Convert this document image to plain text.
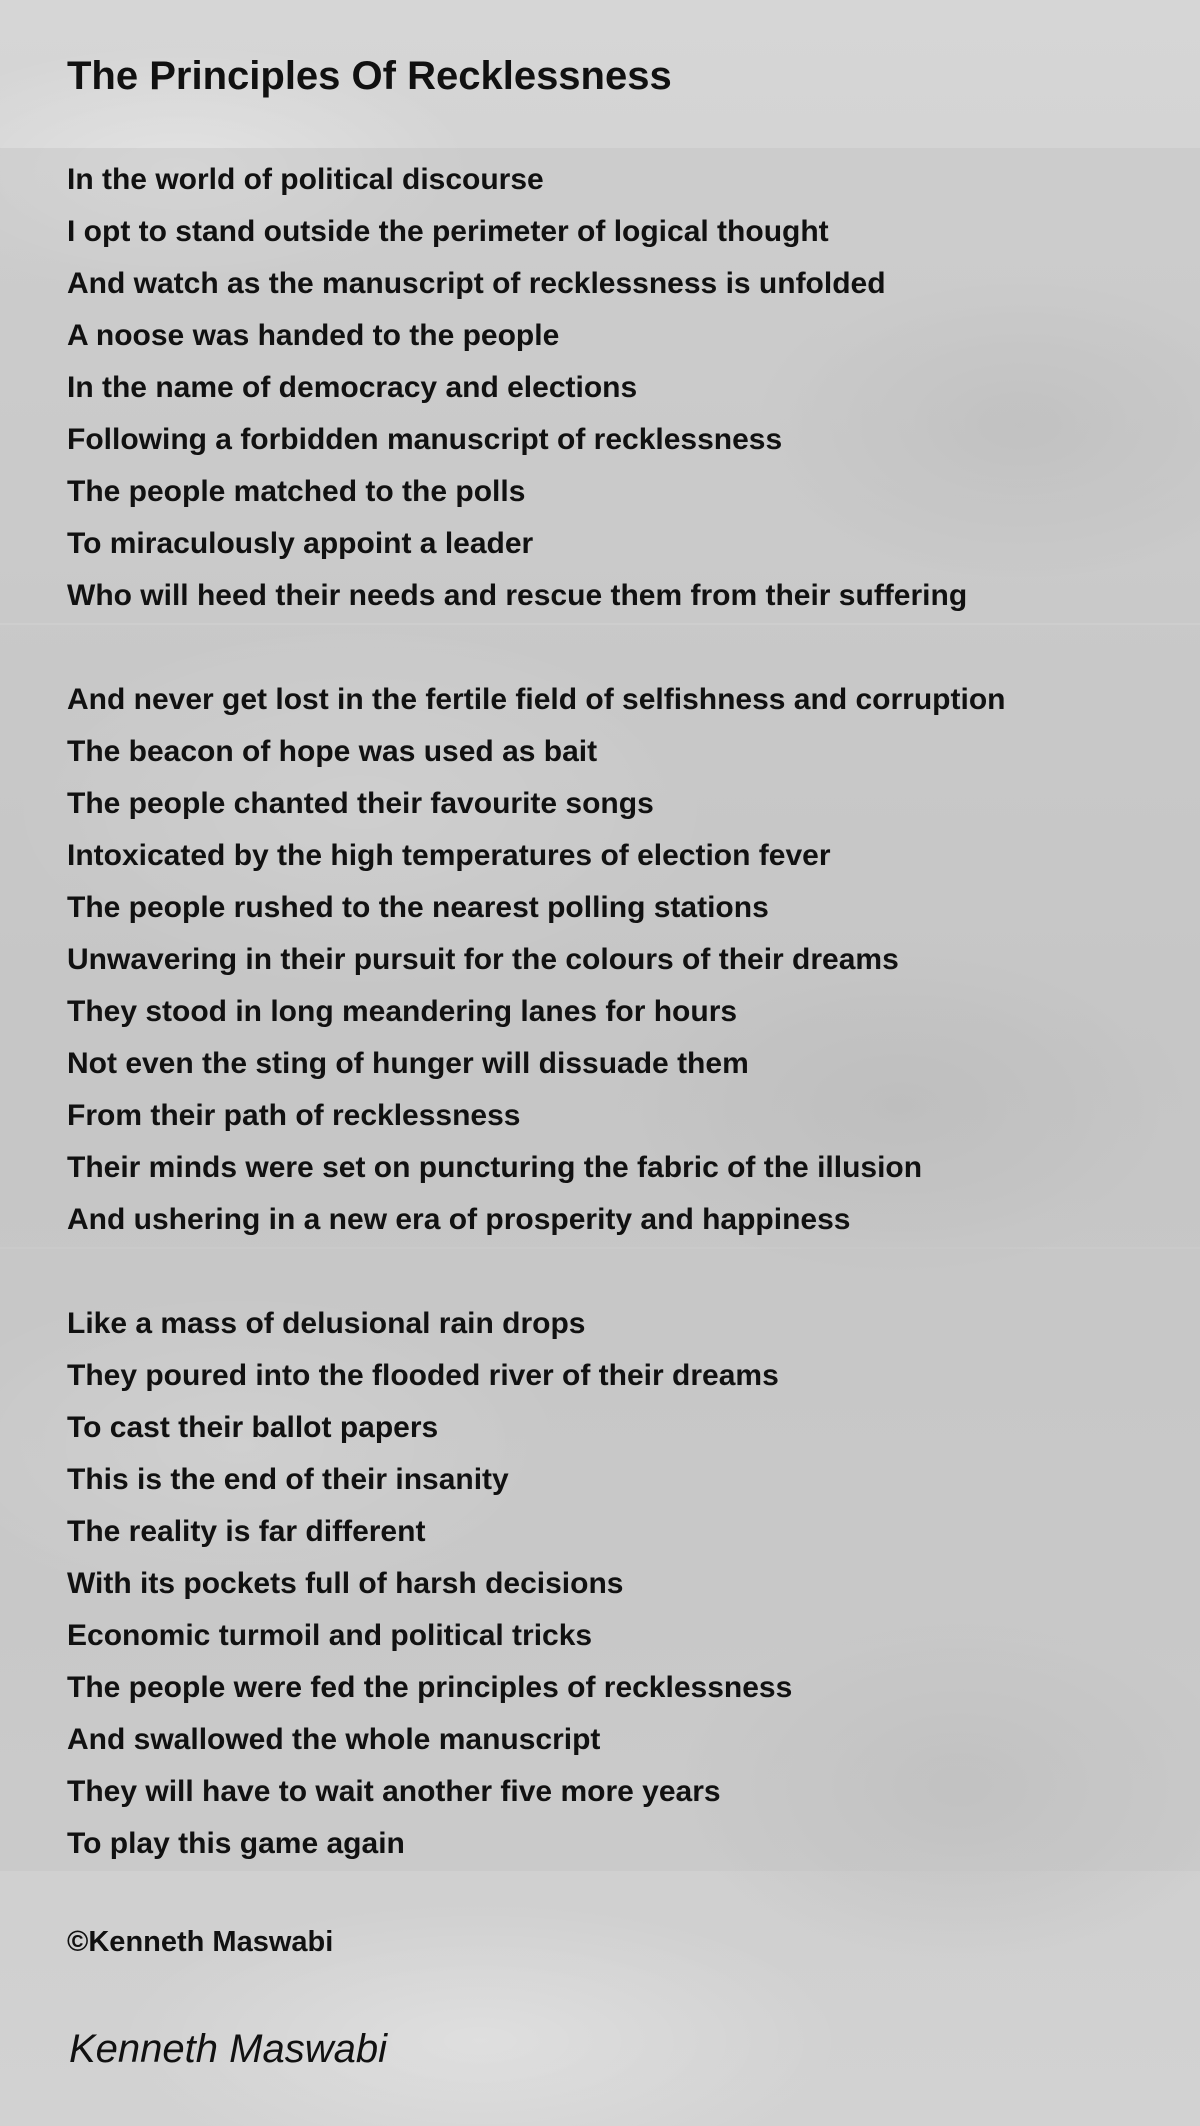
The Principles Of Recklessness
In the world of political discourse
I opt to stand outside the perimeter of logical thought
And watch as the manuscript of recklessness is unfolded
A noose was handed to the people
In the name of democracy and elections
Following a forbidden manuscript of recklessness
The people matched to the polls
To miraculously appoint a leader
Who will heed their needs and rescue them from their suffering
And never get lost in the fertile field of selfishness and corruption
The beacon of hope was used as bait
The people chanted their favourite songs
Intoxicated by the high temperatures of election fever
The people rushed to the nearest polling stations
Unwavering in their pursuit for the colours of their dreams
They stood in long meandering lanes for hours
Not even the sting of hunger will dissuade them
From their path of recklessness
Their minds were set on puncturing the fabric of the illusion
And ushering in a new era of prosperity and happiness
Like a mass of delusional rain drops
They poured into the flooded river of their dreams
To cast their ballot papers
This is the end of their insanity
The reality is far different
With its pockets full of harsh decisions
Economic turmoil and political tricks
The people were fed the principles of recklessness
And swallowed the whole manuscript
They will have to wait another five more years
To play this game again
©Kenneth Maswabi
Kenneth Maswabi
